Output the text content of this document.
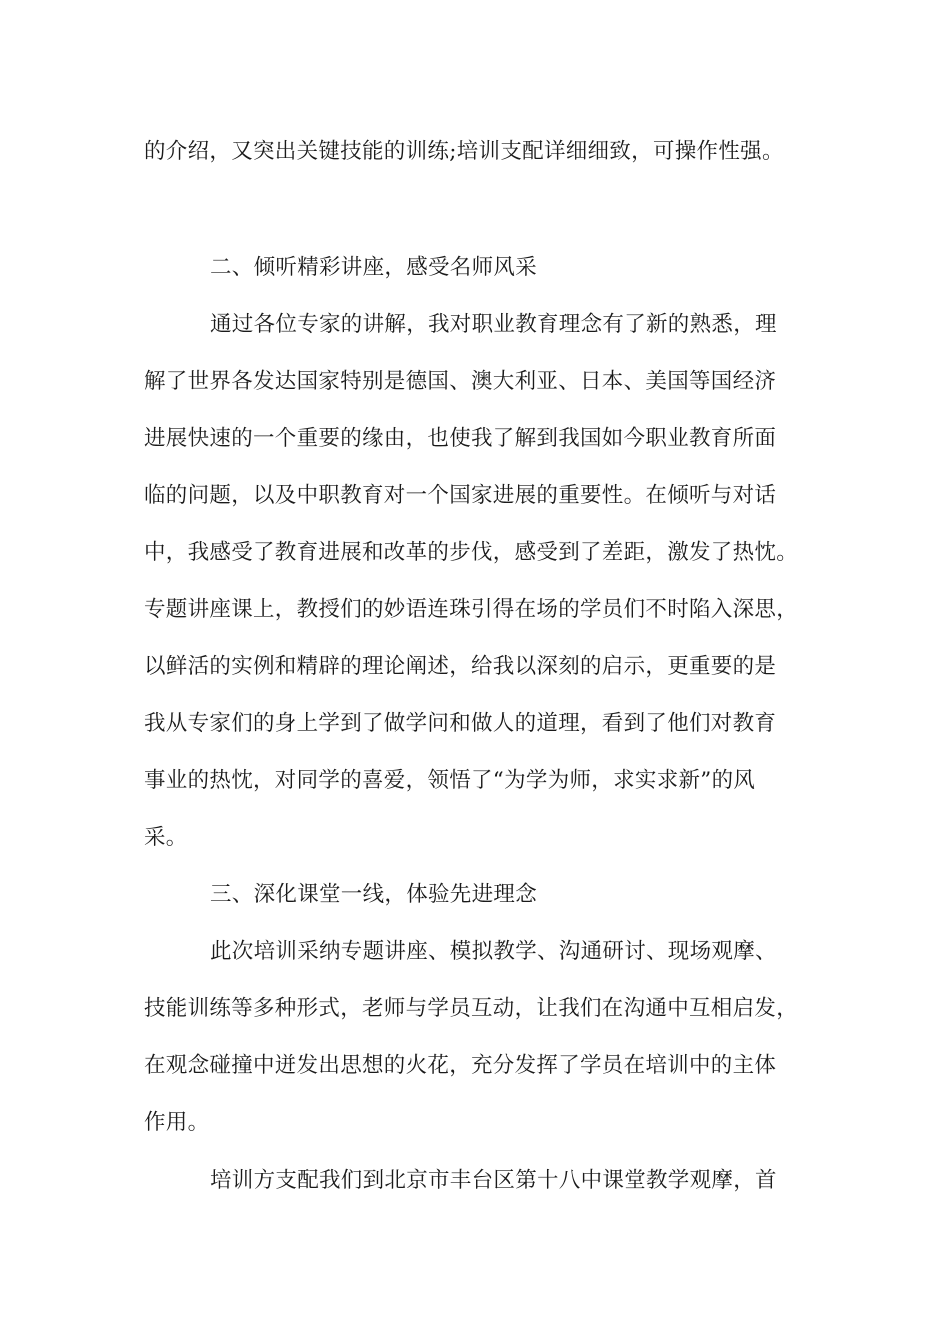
的介绍，又突出关键技能的训练;培训支配详细细致，可操作性强。
二、倾听精彩讲座，感受名师风采
通过各位专家的讲解，我对职业教育理念有了新的熟悉，理
解了世界各发达国家特别是德国、澳大利亚、日本、美国等国经济
进展快速的一个重要的缘由，也使我了解到我国如今职业教育所面
临的问题，以及中职教育对一个国家进展的重要性。在倾听与对话
中，我感受了教育进展和改革的步伐，感受到了差距，激发了热忱。
专题讲座课上，教授们的妙语连珠引得在场的学员们不时陷入深思，
以鲜活的实例和精辟的理论阐述，给我以深刻的启示，更重要的是
我从专家们的身上学到了做学问和做人的道理，看到了他们对教育
事业的热忱，对同学的喜爱，领悟了“为学为师，求实求新”的风
采。
三、深化课堂一线，体验先进理念
此次培训采纳专题讲座、模拟教学、沟通研讨、现场观摩、
技能训练等多种形式，老师与学员互动，让我们在沟通中互相启发，
在观念碰撞中迸发出思想的火花，充分发挥了学员在培训中的主体
作用。
培训方支配我们到北京市丰台区第十八中课堂教学观摩，首
